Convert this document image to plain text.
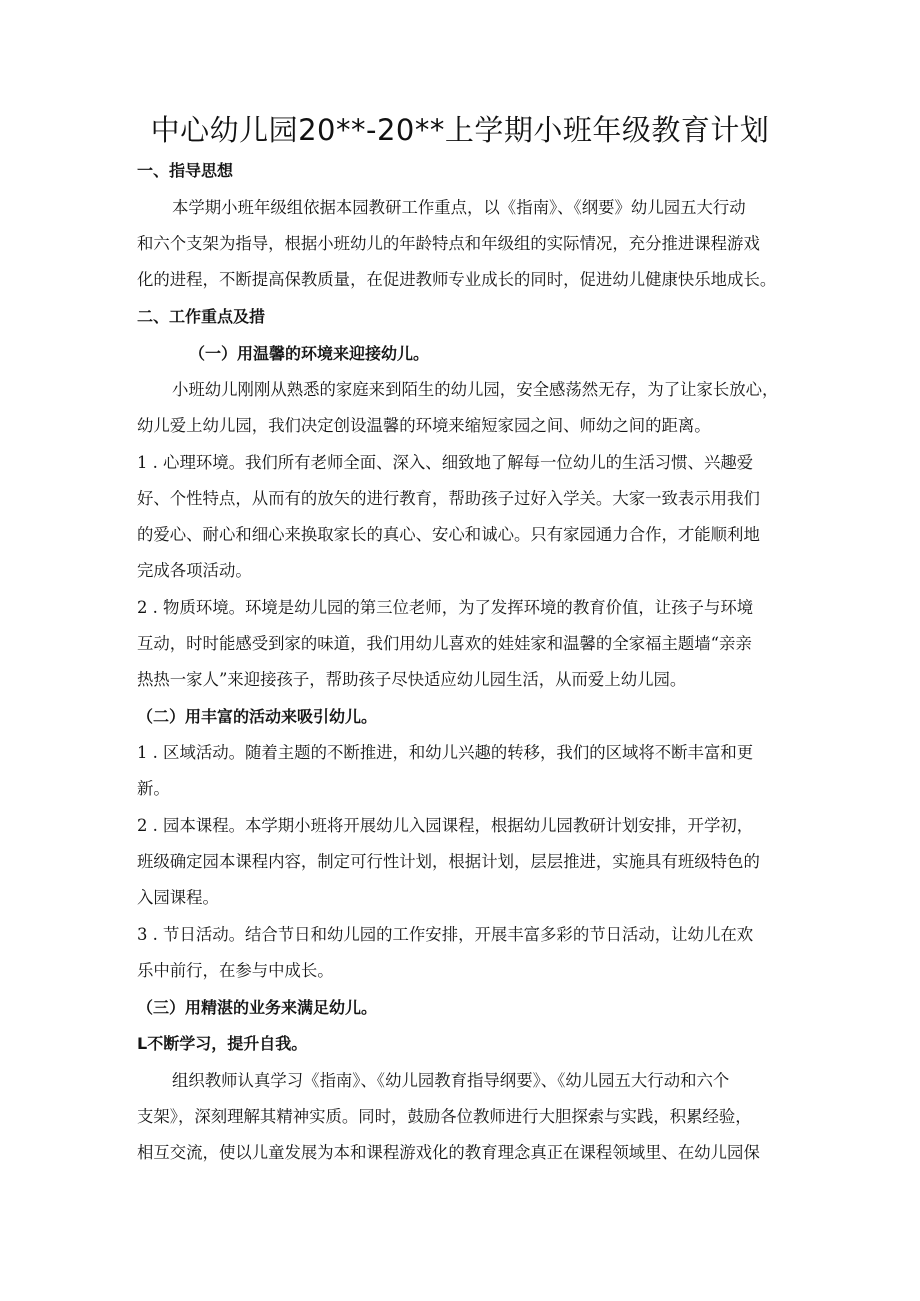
中心幼儿园20**-20**上学期小班年级教育计划
一、指导思想
本学期小班年级组依据本园教研工作重点，以《指南》、《纲要》幼儿园五大行动
和六个支架为指导，根据小班幼儿的年龄特点和年级组的实际情况，充分推进课程游戏
化的进程，不断提高保教质量，在促进教师专业成长的同时，促进幼儿健康快乐地成长。
二、工作重点及措
（一）用温馨的环境来迎接幼儿。
小班幼儿刚刚从熟悉的家庭来到陌生的幼儿园，安全感荡然无存，为了让家长放心，
幼儿爱上幼儿园，我们决定创设温馨的环境来缩短家园之间、师幼之间的距离。
1 . 心理环境。我们所有老师全面、深入、细致地了解每一位幼儿的生活习惯、兴趣爱
好、个性特点，从而有的放矢的进行教育，帮助孩子过好入学关。大家一致表示用我们
的爱心、耐心和细心来换取家长的真心、安心和诚心。只有家园通力合作，才能顺利地
完成各项活动。
2 . 物质环境。环境是幼儿园的第三位老师，为了发挥环境的教育价值，让孩子与环境
互动，时时能感受到家的味道，我们用幼儿喜欢的娃娃家和温馨的全家福主题墙“亲亲
热热一家人”来迎接孩子，帮助孩子尽快适应幼儿园生活，从而爱上幼儿园。
（二）用丰富的活动来吸引幼儿。
1 . 区域活动。随着主题的不断推进，和幼儿兴趣的转移，我们的区域将不断丰富和更
新。
2 . 园本课程。本学期小班将开展幼儿入园课程，根据幼儿园教研计划安排，开学初，
班级确定园本课程内容，制定可行性计划，根据计划，层层推进，实施具有班级特色的
入园课程。
3 . 节日活动。结合节日和幼儿园的工作安排，开展丰富多彩的节日活动，让幼儿在欢
乐中前行，在参与中成长。
（三）用精湛的业务来满足幼儿。
L不断学习，提升自我。
组织教师认真学习《指南》、《幼儿园教育指导纲要》、《幼儿园五大行动和六个
支架》，深刻理解其精神实质。同时，鼓励各位教师进行大胆探索与实践，积累经验，
相互交流，使以儿童发展为本和课程游戏化的教育理念真正在课程领域里、在幼儿园保
